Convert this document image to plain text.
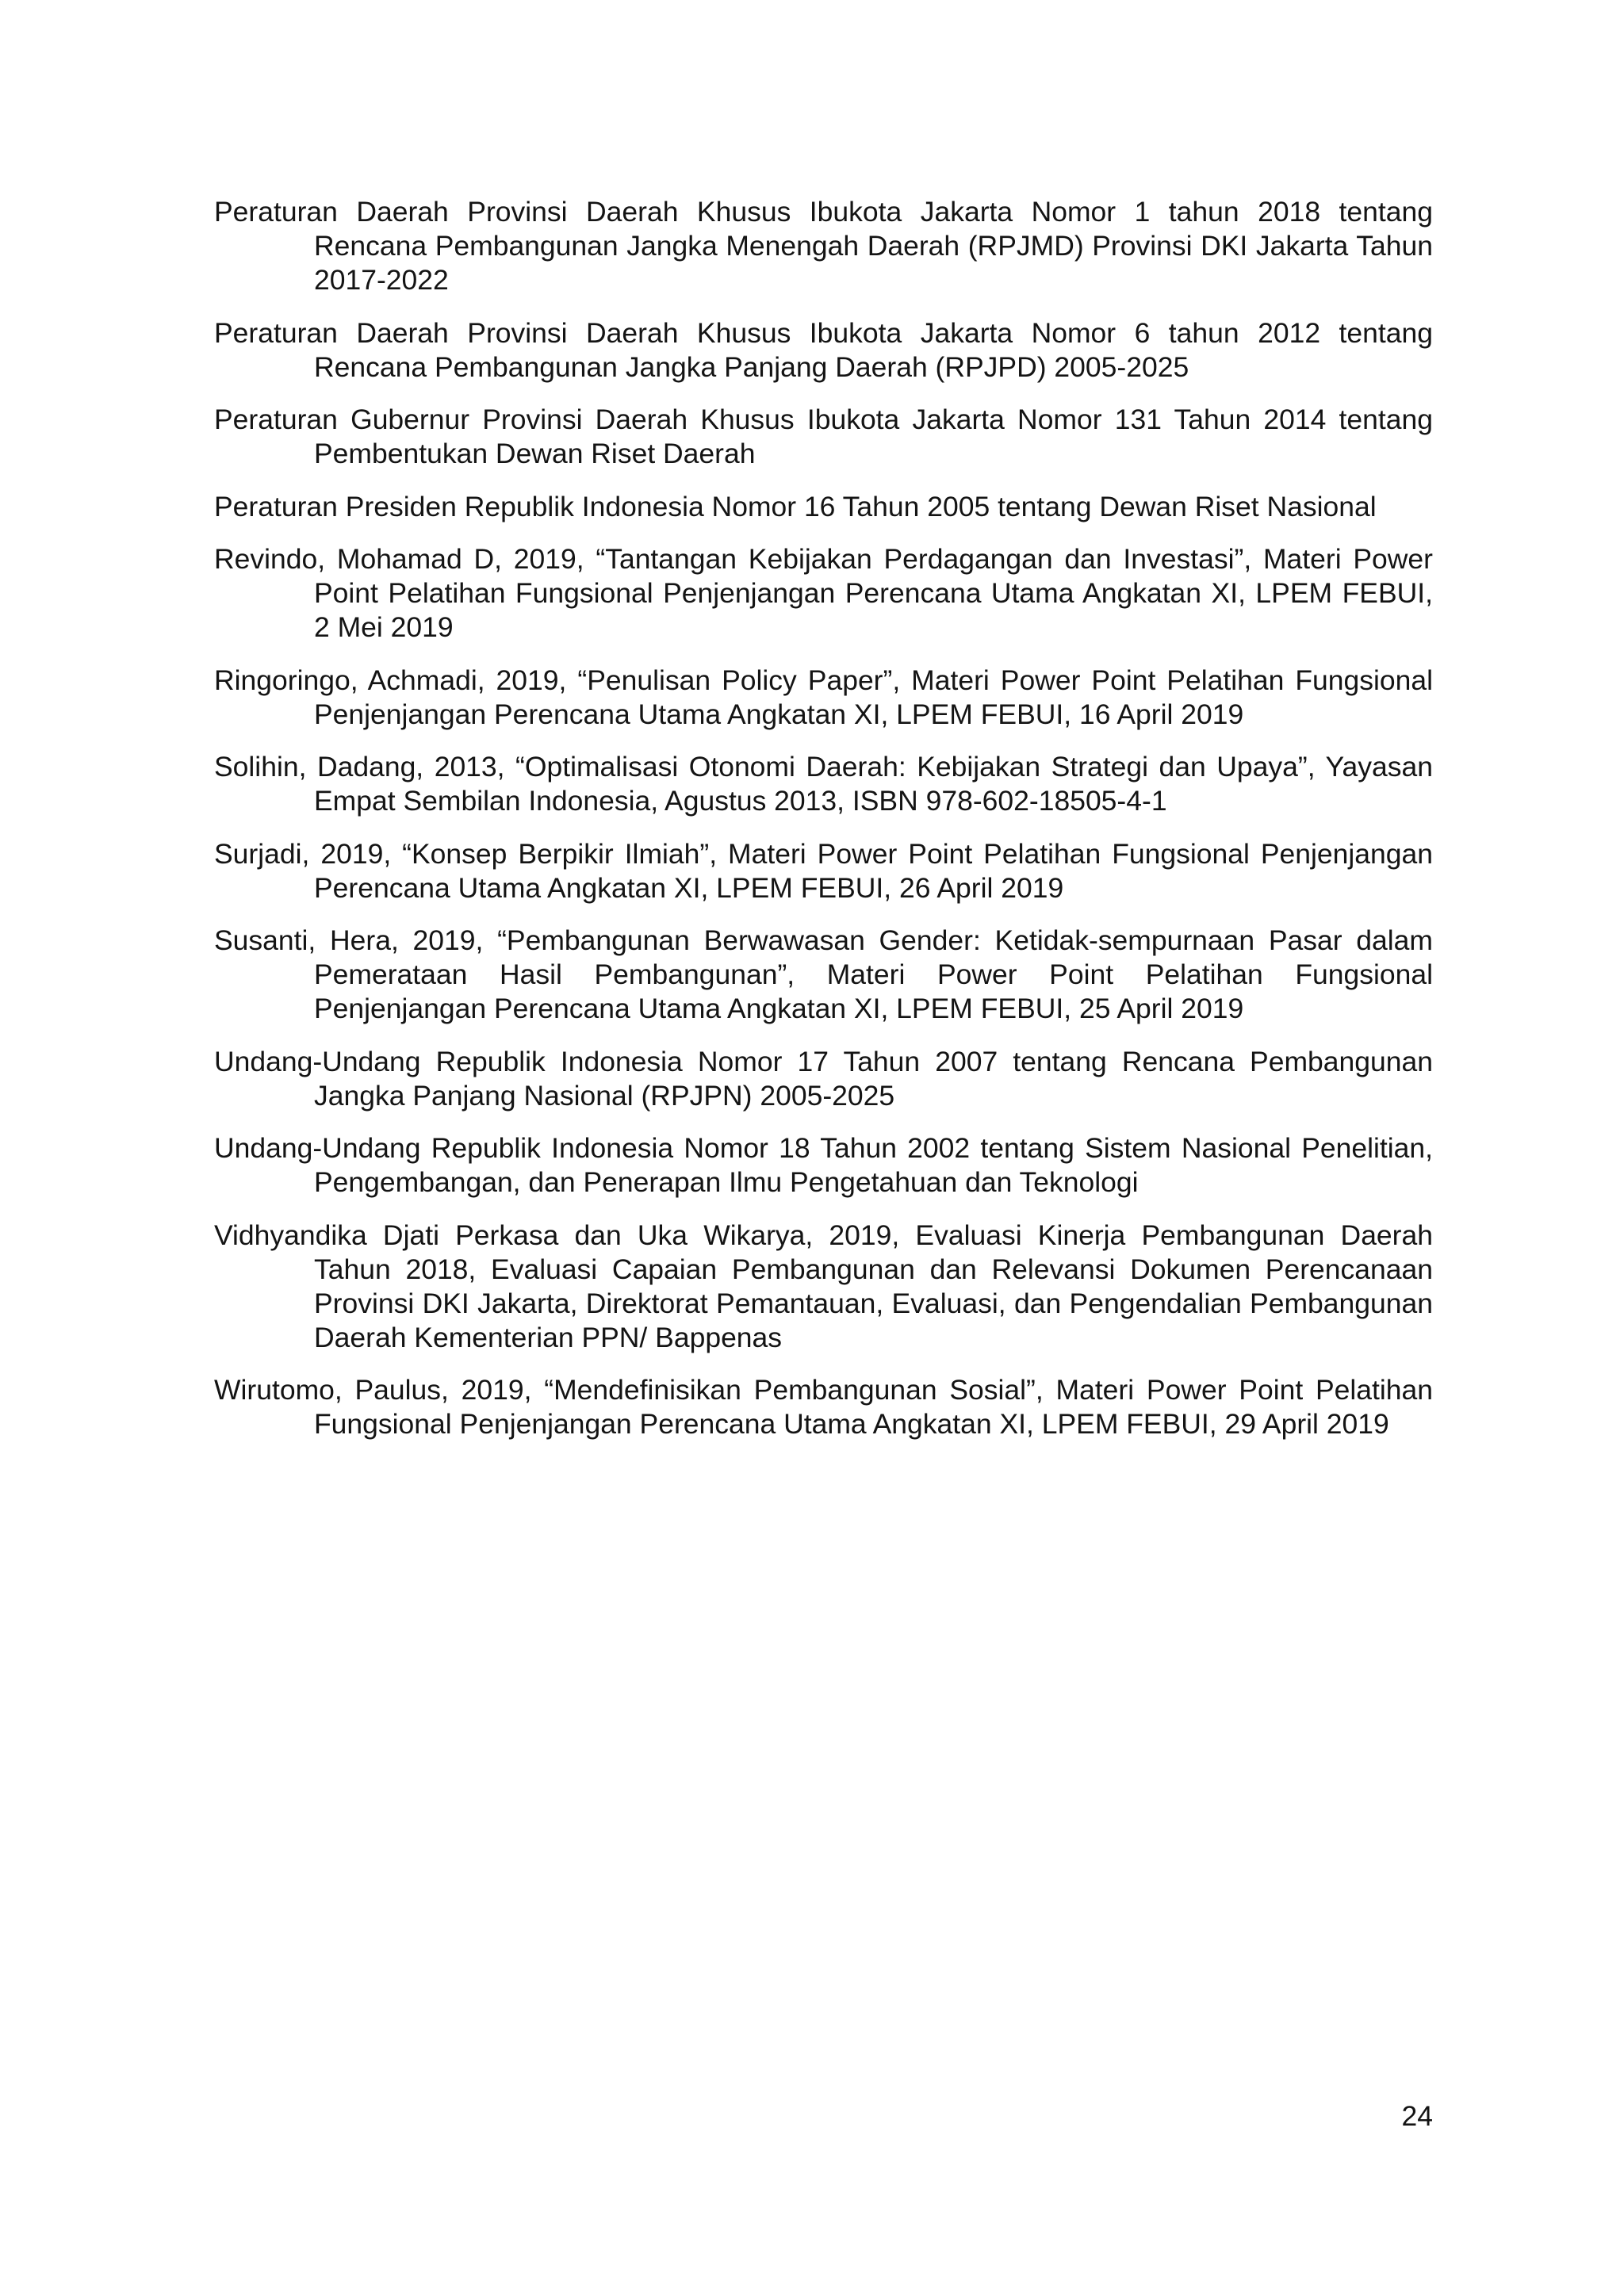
Peraturan Daerah Provinsi Daerah Khusus Ibukota Jakarta Nomor 1 tahun 2018 tentang Rencana Pembangunan Jangka Menengah Daerah (RPJMD) Provinsi DKI Jakarta Tahun 2017-2022
Peraturan Daerah Provinsi Daerah Khusus Ibukota Jakarta Nomor 6 tahun 2012 tentang Rencana Pembangunan Jangka Panjang Daerah (RPJPD) 2005-2025
Peraturan Gubernur Provinsi Daerah Khusus Ibukota Jakarta Nomor 131 Tahun 2014 tentang Pembentukan Dewan Riset Daerah
Peraturan Presiden Republik Indonesia Nomor 16 Tahun 2005 tentang Dewan Riset Nasional
Revindo, Mohamad D, 2019, “Tantangan Kebijakan Perdagangan dan Investasi”, Materi Power Point Pelatihan Fungsional Penjenjangan Perencana Utama Angkatan XI, LPEM FEBUI, 2 Mei 2019
Ringoringo, Achmadi, 2019, “Penulisan Policy Paper”, Materi Power Point Pelatihan Fungsional Penjenjangan Perencana Utama Angkatan XI, LPEM FEBUI, 16 April 2019
Solihin, Dadang, 2013, “Optimalisasi Otonomi Daerah: Kebijakan Strategi dan Upaya”, Yayasan Empat Sembilan Indonesia, Agustus 2013, ISBN 978-602-18505-4-1
Surjadi, 2019, “Konsep Berpikir Ilmiah”, Materi Power Point Pelatihan Fungsional Penjenjangan Perencana Utama Angkatan XI, LPEM FEBUI, 26 April 2019
Susanti, Hera, 2019, “Pembangunan Berwawasan Gender: Ketidak-sempurnaan Pasar dalam Pemerataan Hasil Pembangunan”, Materi Power Point Pelatihan Fungsional Penjenjangan Perencana Utama Angkatan XI, LPEM FEBUI, 25 April 2019
Undang-Undang Republik Indonesia Nomor 17 Tahun 2007 tentang Rencana Pembangunan Jangka Panjang Nasional (RPJPN) 2005-2025
Undang-Undang Republik Indonesia Nomor 18 Tahun 2002 tentang Sistem Nasional Penelitian, Pengembangan, dan Penerapan Ilmu Pengetahuan dan Teknologi
Vidhyandika Djati Perkasa dan Uka Wikarya, 2019, Evaluasi Kinerja Pembangunan Daerah Tahun 2018, Evaluasi Capaian Pembangunan dan Relevansi Dokumen Perencanaan Provinsi DKI Jakarta, Direktorat Pemantauan, Evaluasi, dan Pengendalian Pembangunan Daerah Kementerian PPN/ Bappenas
Wirutomo, Paulus, 2019, “Mendefinisikan Pembangunan Sosial”, Materi Power Point Pelatihan Fungsional Penjenjangan Perencana Utama Angkatan XI, LPEM FEBUI, 29 April 2019
24
